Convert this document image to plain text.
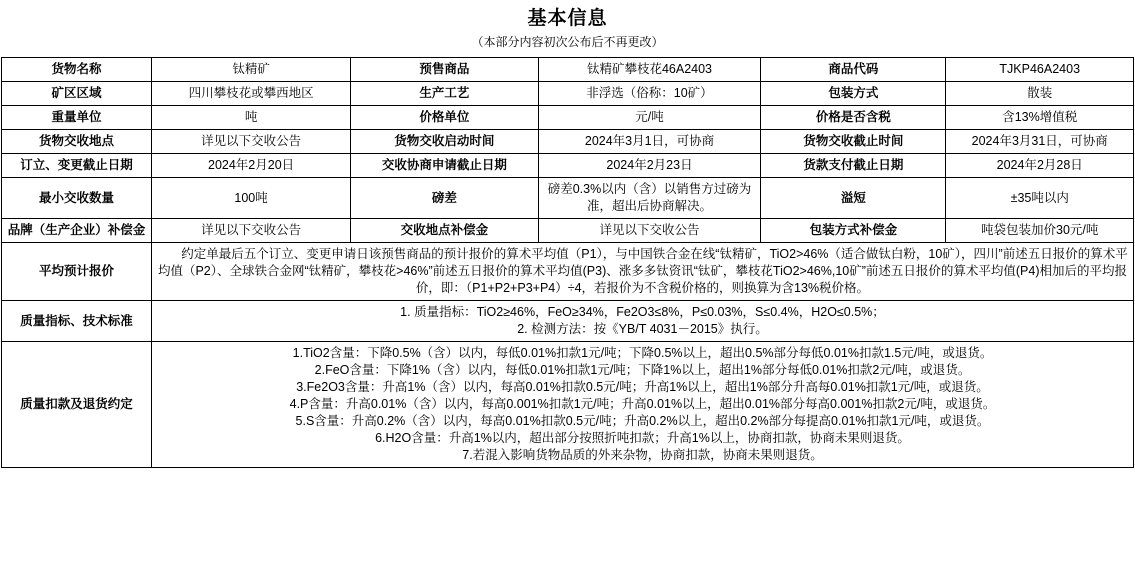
基本信息
（本部分内容初次公布后不再更改）
货物名称	钛精矿	预售商品	钛精矿攀枝花46A2403	商品代码	TJKP46A2403
矿区区域	四川攀枝花或攀西地区	生产工艺	非浮选（俗称：10矿）	包装方式	散装
重量单位	吨	价格单位	元/吨	价格是否含税	含13%增值税
货物交收地点	详见以下交收公告	货物交收启动时间	2024年3月1日，可协商	货物交收截止时间	2024年3月31日，可协商
订立、变更截止日期	2024年2月20日	交收协商申请截止日期	2024年2月23日	货款支付截止日期	2024年2月28日
最小交收数量	100吨	磅差	磅差0.3%以内（含）以销售方过磅为准，超出后协商解决。	溢短	±35吨以内
品牌（生产企业）补偿金	详见以下交收公告	交收地点补偿金	详见以下交收公告	包装方式补偿金	吨袋包装加价30元/吨
平均预计报价	约定单最后五个订立、变更申请日该预售商品的预计报价的算术平均值（P1），与中国铁合金在线“钛精矿，TiO2>46%（适合做钛白粉，10矿），四川”前述五日报价的算术平均值（P2）、全球铁合金网“钛精矿，攀枝花>46%”前述五日报价的算术平均值(P3)、涨多多钛资讯“钛矿，攀枝花TiO2>46%,10矿”前述五日报价的算术平均值(P4)相加后的平均报价，即：（P1+P2+P3+P4）÷4，若报价为不含税价格的，则换算为含13%税价格。				

质量指标、技术标准	1. 质量指标：TiO2≥46%，FeO≥34%，Fe2O3≤8%，P≤0.03%，S≤0.4%，H2O≤0.5%；
2. 检测方法：按《YB/T 4031－2015》执行。				

质量扣款及退货约定	
1.TiO2含量：下降0.5%（含）以内，每低0.01%扣款1元/吨；下降0.5%以上，超出0.5%部分每低0.01%扣款1.5元/吨，或退货。
2.FeO含量：下降1%（含）以内，每低0.01%扣款1元/吨；下降1%以上，超出1%部分每低0.01%扣款2元/吨，或退货。
3.Fe2O3含量：升高1%（含）以内，每高0.01%扣款0.5元/吨；升高1%以上，超出1%部分升高每0.01%扣款1元/吨，或退货。
4.P含量：升高0.01%（含）以内，每高0.001%扣款1元/吨；升高0.01%以上，超出0.01%部分每高0.001%扣款2元/吨，或退货。
5.S含量：升高0.2%（含）以内，每高0.01%扣款0.5元/吨；升高0.2%以上，超出0.2%部分每提高0.01%扣款1元/吨，或退货。
6.H2O含量：升高1%以内，超出部分按照折吨扣款；升高1%以上，协商扣款，协商未果则退货。
7.若混入影响货物品质的外来杂物，协商扣款，协商未果则退货。
